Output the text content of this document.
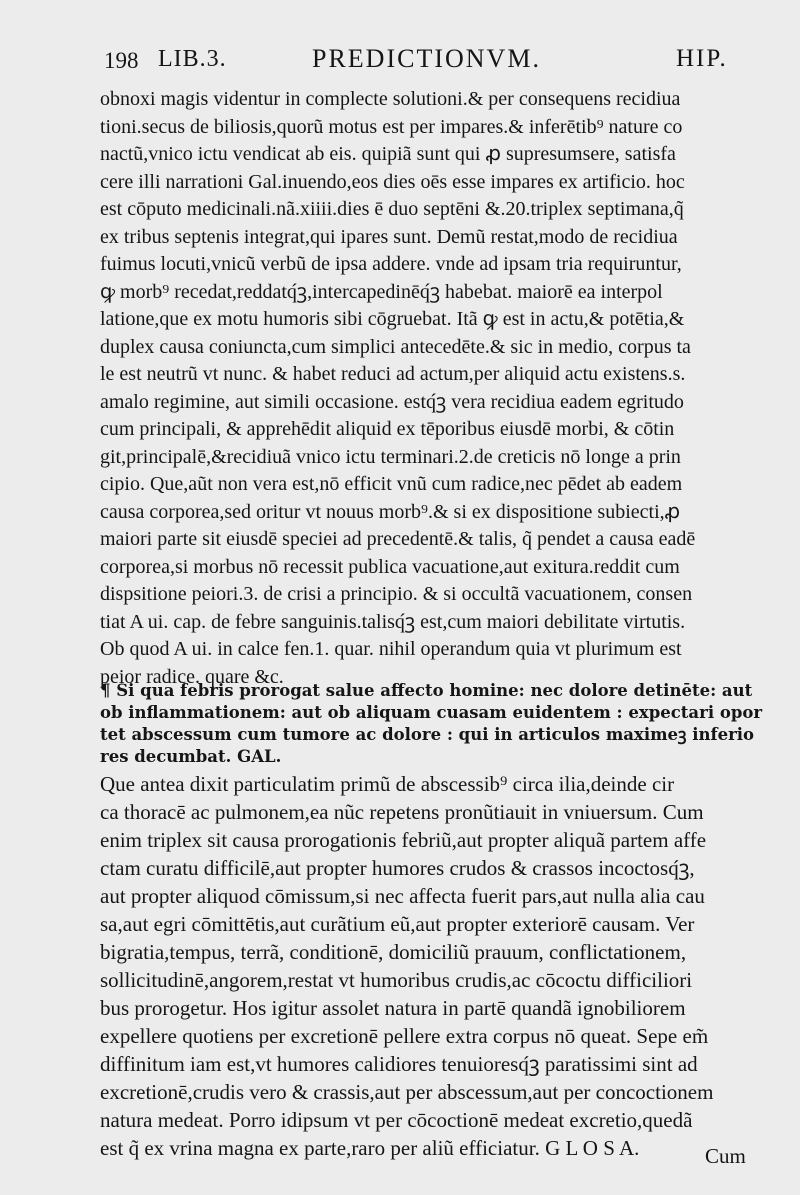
198 LIB.3.	PREDICTIONVM.	HIP.
obnoxi magis videntur in complecte solutioni.& per consequens recidiua
tioni.secus de biliosis,quorũ motus est per impares.& inferētib⁹ nature co
nactũ,vnico ictu vendicat ab eis. quipiã sunt qui ꝓ supresumsere, satisfa
cere illi narrationi Gal.inuendo,eos dies oēs esse impares ex artificio. hoc
est cōputo medicinali.nã.xiiii.dies ē duo septēni &.20.triplex septimana,q̃
ex tribus septenis integrat,qui ipares sunt. Demũ restat,modo de recidiua
fuimus locuti,vnicũ verbũ de ipsa addere. vnde ad ipsam tria requiruntur,
ꝙ morb⁹ recedat,reddatq́ꝫ,intercapedinēq́ꝫ habebat. maiorē ea interpol
latione,que ex motu humoris sibi cōgruebat. Itã ꝙ est in actu,& potētia,&
duplex causa coniuncta,cum simplici antecedēte.& sic in medio, corpus ta
le est neutrũ vt nunc. & habet reduci ad actum,per aliquid actu existens.s.
amalo regimine, aut simili occasione. estq́ꝫ vera recidiua eadem egritudo
cum principali, & apprehēdit aliquid ex tēporibus eiusdē morbi, & cōtin
git,principalē,&recidiuã vnico ictu terminari.2.de creticis nō longe a prin
cipio. Que,aũt non vera est,nō efficit vnũ cum radice,nec pēdet ab eadem
causa corporea,sed oritur vt nouus morb⁹.& si ex dispositione subiecti,ꝓ
maiori parte sit eiusdē speciei ad precedentē.& talis, q̃ pendet a causa eadē
corporea,si morbus nō recessit publica vacuatione,aut exitura.reddit cum
dispsitione peiori.3. de crisi a principio. & si occultã vacuationem, consen
tiat A ui. cap. de febre sanguinis.talisq́ꝫ est,cum maiori debilitate virtutis.
Ob quod A ui. in calce fen.1. quar. nihil operandum quia vt plurimum est
peior radice. quare &c.
¶ Si qua febris prorogat salue affecto homine: nec dolore detinēte: aut
ob inflammationem: aut ob aliquam cuasam euidentem : expectari opor
tet abscessum cum tumore ac dolore : qui in articulos maximeꝫ inferio
res decumbat. GAL.
Que antea dixit particulatim primũ de abscessib⁹ circa ilia,deinde cir
ca thoracē ac pulmonem,ea nũc repetens pronũtiauit in vniuersum. Cum
enim triplex sit causa prorogationis febriũ,aut propter aliquã partem affe
ctam curatu difficilē,aut propter humores crudos & crassos incoctosq́ꝫ,
aut propter aliquod cōmissum,si nec affecta fuerit pars,aut nulla alia cau
sa,aut egri cōmittētis,aut curãtium eũ,aut propter exteriorē causam. Ver
bigratia,tempus, terrã, conditionē, domiciliũ prauum, conflictationem,
sollicitudinē,angorem,restat vt humoribus crudis,ac cōcoctu difficiliori
bus prorogetur. Hos igitur assolet natura in partē quandã ignobiliorem
expellere quotiens per excretionē pellere extra corpus nō queat. Sepe em̃
diffinitum iam est,vt humores calidiores tenuioresq́ꝫ paratissimi sint ad
excretionē,crudis vero & crassis,aut per abscessum,aut per concoctionem
natura medeat. Porro idipsum vt per cōcoctionē medeat excretio,quedã
est q̃ ex vrina magna ex parte,raro per aliũ efficiatur. G L O S A.	Cum
